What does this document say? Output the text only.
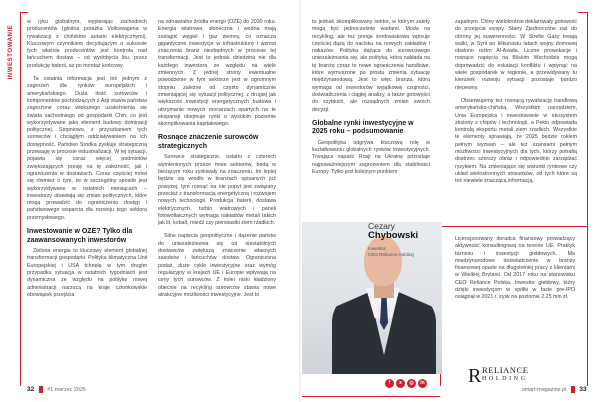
INWESTOWANIE

w ryku globalnym, wypierając zachodnich producentów (głośna porażka Volkswagena w rywalizacji z chińskimi autami elektrycznymi). Kluczowym czynnikiem decydującym o sukcesie tych właśnie producentów jest kontrola nad łańcuchem dostaw – od wydobycia litu, przez produkcję baterii, aż po montaż końcowy.

Ta ostatnia informacja jest też jednym z zagrożeń dla rynków europejskich i amerykańskiego. Duża ilość surowców i komponentów pochodzących z Azji stawia państwa zagrożone coraz większego uzależnienia się świata zachodniego od gospodarki Chin, co jest wykorzystywane jako element budowy dominacji politycznej. Stopniowo, z przyszkaniem tych surowców i chciągłym oddziaływaniem na ich dostępność, Państwo Środka zyskuje strategiczną przewagę w procesie industrializacji. W tej sytuacji, pojawia się coraz więcej podmiotów zwiększających presję na tę zależność, jak i ograniczenia w dostawach. Coraz częściej mówi się również o tym, że w szczególny sposób jest wykorzystywane w ostatnich miesiącach – inwestorzy obawiają się zmian politycznych, które mogą prowadzić do ograniczenia dostęp i państwowego wsparcia dla rozwoju tego sektora przemysłowego.

Inwestowanie w OZE? Tylko dla zaawansowanych inwestorów

Zielona energia to kluczowy element globalnej transformacji gospodarki. Polityka klimatyczna Unii Europejskiej i USA tchnęła w tym drugim przypadku sytuacja w ostatnich tygodniach jest dynamiczna ze względu na politykę nowej administracji narzucą na kraje członkowskie obowiązek przejścia

na odnawialne źródła energii (OZE) do 2030 roku. Energia wiatrowa, słoneczna i wodna mają zastąpić węgiel i gaz ziemny, co oznacza gigantyczne inwestycje w infrastrukturę i wzrost znaczenia branż niezbędnych w procesie tej transformacji. Jest to jednak dziedzina nie dla każdego inwestora ze względu na wiele zmiennych. Z jednej strony ewentualne powodzenie w tym sektorze jest w ogromnym stopniu zależne od często dynamicznie zmieniającej się sytuacji politycznej, z drugiej jak większość inwestycji energetycznych budowa i utrzymanie nowych mocarzach opartych na te ekspansji obejmuje rynki o wysokim poziomie skomplikowania kapitałowego.

Rosnące znaczenie surowców strategicznych

Surowce strategiczne, ostatni z czterech wymienionych przeze mnie sektorów, będą w bieżącym roku zyskiwały na znaczeniu. Im lepiej będzie się wiodło w branżach opisanych już powyżej, tym rosnąć na nie popyt jest związany przecież z transformacją energetyczną i rozwojem nowych technologii. Produkcja baterii, dostawa elektrycznych, turbin wiatrowych i paneli fotowoltaicznych wymaga nakładów metali takich jak lit, kobalt, miedź czy pierwiastki ziem rzadkich.

Silne napięcia geopolityczne i dążenie państw do uniezależnienia się od niestabilnych dostawców zwiększą znaczenie własnych zasobów i łańcuchów dostaw. Ograniczona podaż, duże cykle inwestycyjne oraz wymóg regulacyjny w krajach UE i Europie wpływają na ceny tych surowców. Z kolei niski kładziony obecnie na recykling surowców stawia nowe atrakcyjne możliwości inwestycyjne. Jest to

to jednak skomplikowany sektor, w którym zalety mogą być jednocześnie wadami. Moda na recykling, ale też presja środowiskowa wpisuje częściej dążą do nacisku na nowych zakładów i nakazów. Polityka dążąca do surowcowego uniezależniania się, ale polityka, która nakłada na tę branżę coraz to nowe ograniczenia handlowe, które wymuszone po prostu zmienią sytuację międzynarodową. Jest to więc branża, która wymaga od inwestorów wyjątkowej czujności, doświadczenia i ciągłej analizy, a także gotowości do szybkich, ale rozsądnych zmian swoich decyzji.

Globalne rynki inwestycyjne w 2025 roku – podsumowanie

Geopolityka odgrywa kluczową rolę w kształtowaniu globalnych rynków inwestycyjnych. Trwająca napaść Rosji na Ukrainę pozostaje najpoważniejszym zagrożeniem dla stabilności Europy. Tylko jest kolejnym punktem

zapalnym. Chiny wielokrotnie deklarowały gotowość do przejęcia wyspy. Stany Zjednoczone zaś do obrony jej suwerenności. W Strefie Gazy trwają walki, w Syrii po kilkunastu latach wojny domowej obalono reżim Al-Asada. Liczne prowokacje i rosnące napięcia na Bliskim Wschodzie mogą doprowadzić do eskalacji konfliktu i wpłynąć na wiele gospodarek w regionie, a przewidywany tu kierunek rozwoju sytuacji pozostaje bardzo niepewny.

Obserwujemy też rosnącą rywalizację handlową amerykańsko-chińską. Wszystkim narzędziem, Unia Europejska i inwestowanie w ekosystem złożony z chipów i technologii, a Pekin odpowiada kontrolą eksportu metali ziem rzadkich. Wszystkie te elementy sprawiają, że 2025 będzie rokiem pełnym wyzwań – ale też szansami pełnym możliwości inwestycyjnych dla tych, którzy potrafią dostrzec szerszy obraz i odpowiednio zarządzać ryzykiem. Na zmieniające się warunki rynkowe czy układ wielostronnych stosunków, od tych które są też niewiele znaczącą informacją.

Cezary
Chybowski
Inwestor,
CEO Reliance Holding
f	x	◎	in

Licencjonowany doradca finansowy prowadzący aktywność konsultingową na terenie UE. Praktyk biznesu i inwestycji giełdowych. Ma międzynarodowe doświadczenie w branży finansowej oparte na długoletniej pracy z klientami w Wielkiej Brytanii. Od 2017 roku na stanowisku CEO Reliance Polska. Inwestor giełdowy, który dzięki inwestycjom w spółki w fazie pre-IPO osiągnął w 2021 r. zysk na poziomie 2.25 mln zł.

R RELIANCE
HOLDING
32 #1 marzec 2025	smart-magazine.pl 33
